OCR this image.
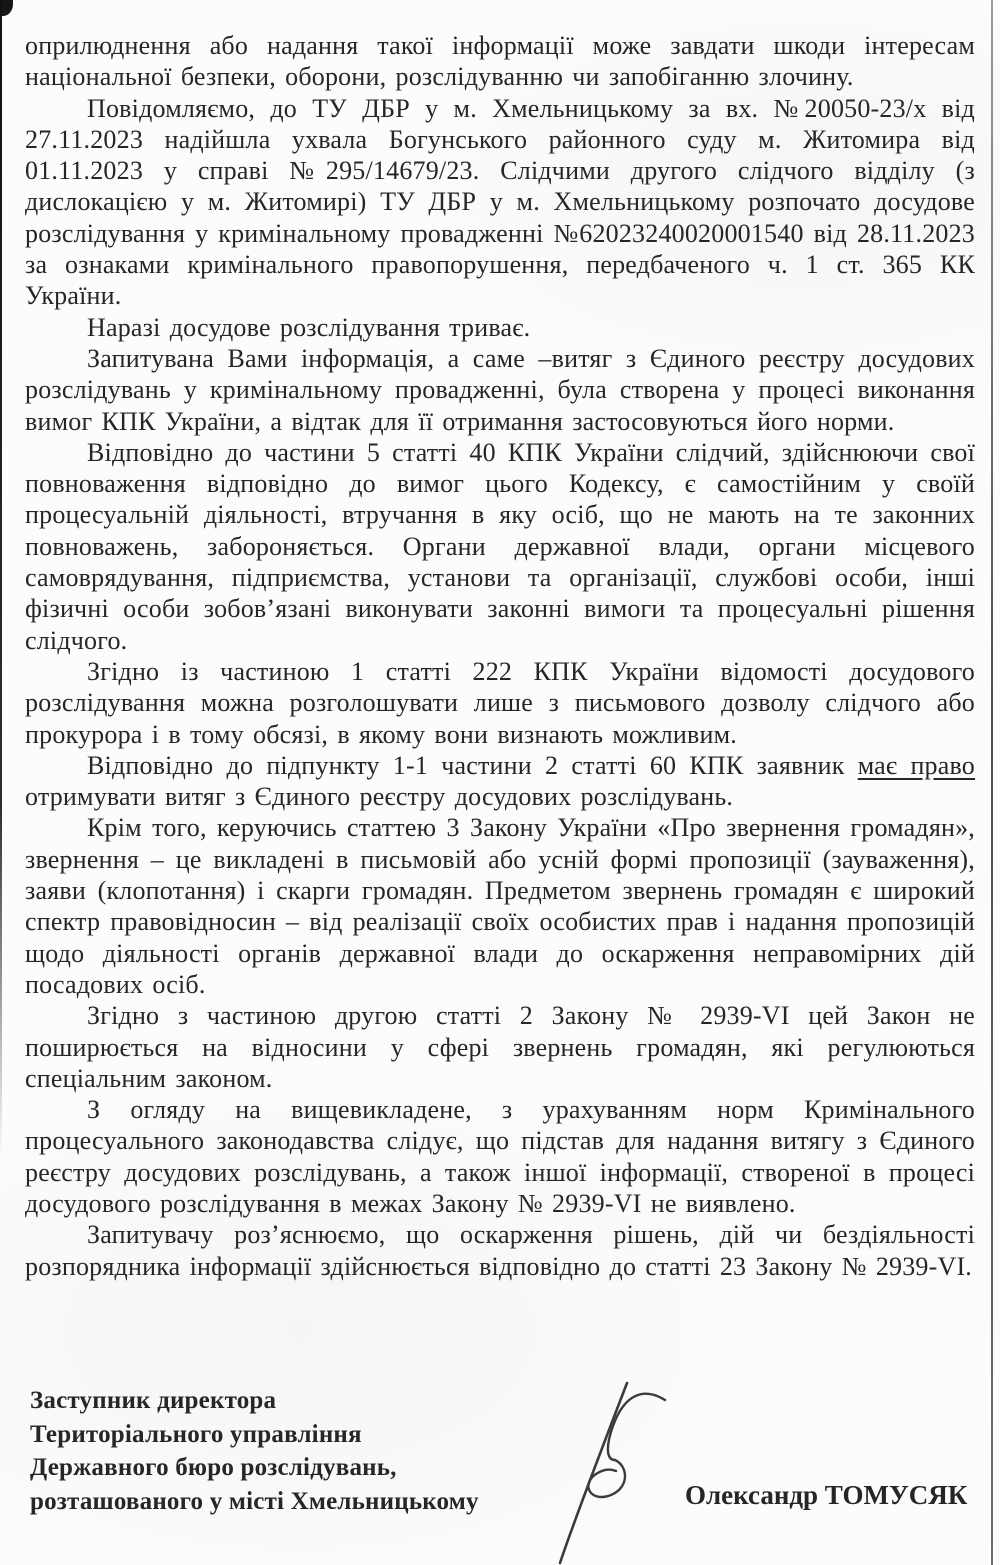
оприлюднення або надання такої інформації може завдати шкоди інтересам національної безпеки, оборони, розслідуванню чи запобіганню злочину.

Повідомляємо, до ТУ ДБР у м. Хмельницькому за вх. №20050-23/х від 27.11.2023 надійшла ухвала Богунського районного суду м. Житомира від 01.11.2023 у справі №295/14679/23. Слідчими другого слідчого відділу (з дислокацією у м. Житомирі) ТУ ДБР у м. Хмельницькому розпочато досудове розслідування у кримінальному провадженні №62023240020001540 від 28.11.2023 за ознаками кримінального правопорушення, передбаченого ч. 1 ст. 365 КК України.

Наразі досудове розслідування триває.

Запитувана Вами інформація, а саме –витяг з Єдиного реєстру досудових розслідувань у кримінальному провадженні, була створена у процесі виконання вимог КПК України, а відтак для її отримання застосовуються його норми.

Відповідно до частини 5 статті 40 КПК України слідчий, здійснюючи свої повноваження відповідно до вимог цього Кодексу, є самостійним у своїй процесуальній діяльності, втручання в яку осіб, що не мають на те законних повноважень, забороняється. Органи державної влади, органи місцевого самоврядування, підприємства, установи та організації, службові особи, інші фізичні особи зобов’язані виконувати законні вимоги та процесуальні рішення слідчого.

Згідно із частиною 1 статті 222 КПК України відомості досудового розслідування можна розголошувати лише з письмового дозволу слідчого або прокурора і в тому обсязі, в якому вони визнають можливим.

Відповідно до підпункту 1-1 частини 2 статті 60 КПК заявник має право отримувати витяг з Єдиного реєстру досудових розслідувань.

Крім того, керуючись статтею 3 Закону України «Про звернення громадян», звернення – це викладені в письмовій або усній формі пропозиції (зауваження), заяви (клопотання) і скарги громадян. Предметом звернень громадян є широкий спектр правовідносин – від реалізації своїх особистих прав і надання пропозицій щодо діяльності органів державної влади до оскарження неправомірних дій посадових осіб.

Згідно з частиною другою статті 2 Закону № 2939-VI цей Закон не поширюється на відносини у сфері звернень громадян, які регулюються спеціальним законом.

З огляду на вищевикладене, з урахуванням норм Кримінального процесуального законодавства слідує, що підстав для надання витягу з Єдиного реєстру досудових розслідувань, а також іншої інформації, створеної в процесі досудового розслідування в межах Закону № 2939-VI не виявлено.

Запитувачу роз’яснюємо, що оскарження рішень, дій чи бездіяльності розпорядника інформації здійснюється відповідно до статті 23 Закону № 2939-VI.

Заступник директора
Територіального управління
Державного бюро розслідувань,
розташованого у місті Хмельницькому	Олександр ТОМУСЯК
